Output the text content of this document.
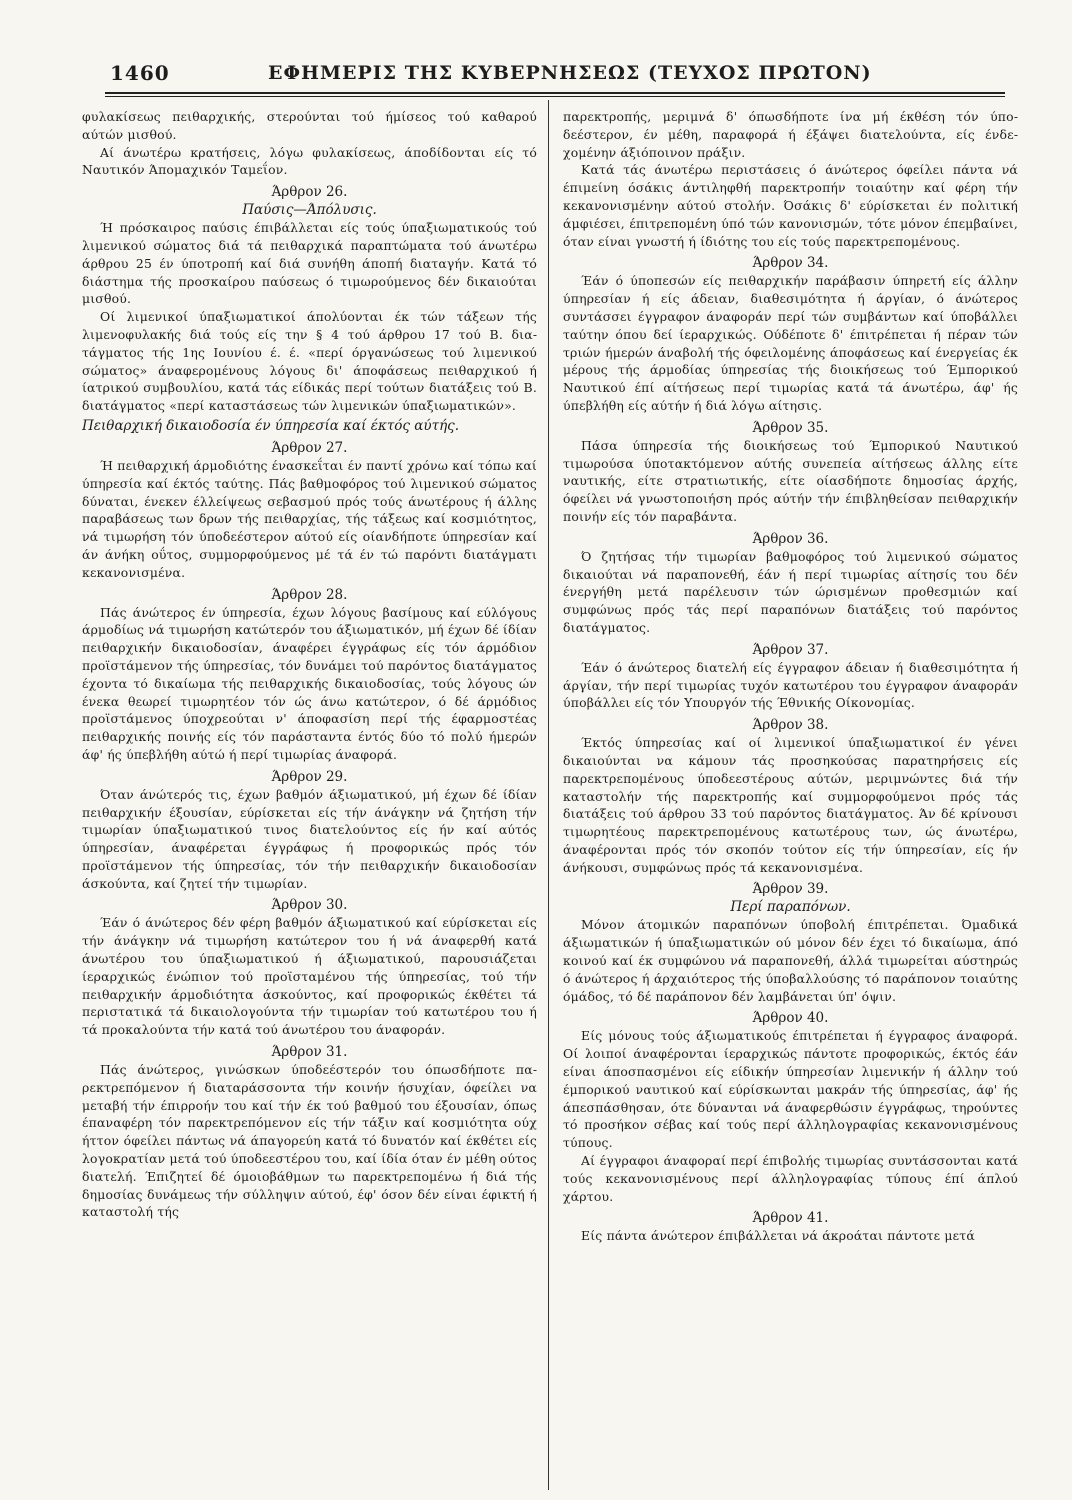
1460	ΕΦΗΜΕΡΙΣ ΤΗΣ ΚΥΒΕΡΝΗΣΕΩΣ (ΤΕΥΧΟΣ ΠΡΩΤΟΝ)

φυλακίσεως πειθαρχικής, στερούνται τού ήμίσεος τού καθαρού αύτών μισθού.

Αί άνωτέρω κρατήσεις, λόγω φυλακίσεως, άποδίδονται είς τό Ναυτικόν Άπομαχικόν Ταμεΐον.

Άρθρον 26.
Παύσις—Άπόλυσις.

Ή πρόσκαιρος παύσις έπιβάλλεται είς τούς ύπαξιωματικούς τού λιμενικού σώματος διά τά πειθαρχικά παραπτώματα τού άνωτέρω άρθρου 25 έν ύποτροπή καί διά συνήθη άποπή διαταγήν. Κατά τό διάστημα τής προσκαίρου παύσεως ό τιμωρούμενος δέν δικαιούται μισθού.

Οί λιμενικοί ύπαξιωματικοί άπολύονται έκ τών τάξεων τής λιμενοφυλακής διά τούς είς την § 4 τού άρθρου 17 τού Β. διατάγματος τής 1ης Ιουνίου έ. έ. «περί όργανώσεως τού λιμενικού σώματος» άναφερομένους λόγους δι' άποφάσεως πειθαρχικού ή ίατρικού συμβουλίου, κατά τάς είδικάς περί τούτων διατάξεις τού Β. διατάγματος «περί καταστάσεως τών λιμενικών ύπαξιωματικών».

Πειθαρχική δικαιοδοσία έν ύπηρεσία καί έκτός αύτής.
Άρθρον 27.

Ή πειθαρχική άρμοδιότης ένασκεΐται έν παντί χρόνω καί τόπω καί ύπηρεσία καί έκτός ταύτης. Πάς βαθμοφόρος τού λιμενικού σώματος δύναται, ένεκεν έλλείψεως σεβασμού πρός τούς άνωτέρους ή άλλης παραβάσεως των δρων τής πειθαρχίας, τής τάξεως καί κοσμιότητος, νά τιμωρήση τόν ύποδεέστερον αύτού είς οίανδήποτε ύπηρεσίαν καί άν άνήκη οΰτος, συμμορφούμενος μέ τά έν τώ παρόντι διατάγματι κεκανονισμένα.

Άρθρον 28.

Πάς άνώτερος έν ύπηρεσία, έχων λόγους βασίμους καί εύλόγους άρμοδίως νά τιμωρήση κατώτερόν του άξιωματικόν, μή έχων δέ ίδίαν πειθαρχικήν δικαιοδοσίαν, άναφέρει έγγράφως είς τόν άρμόδιον προϊστάμενον τής ύπηρεσίας, τόν δυνάμει τού παρόντος διατάγματος έχοντα τό δικαίωμα τής πειθαρχικής δικαιοδοσίας, τούς λόγους ών ένεκα θεωρεί τιμωρητέον τόν ώς άνω κατώτερον, ό δέ άρμόδιος προϊστάμενος ύποχρεούται ν' άποφασίση περί τής έφαρμοστέας πειθαρχικής ποινής είς τόν παράσταντα έντός δύο τό πολύ ήμερών άφ' ής ύπεβλήθη αύτώ ή περί τιμωρίας άναφορά.

Άρθρον 29.

Όταν άνώτερός τις, έχων βαθμόν άξιωματικού, μή έχων δέ ίδίαν πειθαρχικήν έξουσίαν, εύρίσκεται είς τήν άνάγκην νά ζητήση τήν τιμωρίαν ύπαξιωματικού τινος διατελούντος είς ήν καί αύτός ύπηρεσίαν, άναφέρεται έγγράφως ή προφορικώς πρός τόν προϊστάμενον τής ύπηρεσίας, τόν τήν πειθαρχικήν δικαιοδοσίαν άσκούντα, καί ζητεί τήν τιμωρίαν.

Άρθρον 30.

Έάν ό άνώτερος δέν φέρη βαθμόν άξιωματικού καί εύρίσκεται είς τήν άνάγκην νά τιμωρήση κατώτερον του ή νά άναφερθή κατά άνωτέρου του ύπαξιωματικού ή άξιωματικού, παρουσιάζεται ίεραρχικώς ένώπιον τού προϊσταμένου τής ύπηρεσίας, τού τήν πειθαρχικήν άρμοδιότητα άσκούντος, καί προφορικώς έκθέτει τά περιστατικά τά δικαιολογούντα τήν τιμωρίαν τού κατωτέρου του ή τά προκαλούντα τήν κατά τού άνωτέρου του άναφοράν.

Άρθρον 31.

Πάς άνώτερος, γινώσκων ύποδεέστερόν του όπωσδήποτε παρεκτρεπόμενον ή διαταράσσοντα τήν κοινήν ήσυχίαν, όφείλει να μεταβή τήν έπιρροήν του καί τήν έκ τού βαθμού του έξουσίαν, όπως έπαναφέρη τόν παρεκτρεπόμενον είς τήν τάξιν καί κοσμιότητα ούχ ήττον όφείλει πάντως νά άπαγορεύη κατά τό δυνατόν καί έκθέτει είς λογοκρατίαν μετά τού ύποδεεστέρου του, καί ίδία όταν έν μέθη ούτος διατελή. Έπιζητεί δέ όμοιοβάθμων τω παρεκτρεπομένω ή διά τής δημοσίας δυνάμεως τήν σύλληψιν αύτού, έφ' όσον δέν είναι έφικτή ή καταστολή τής

παρεκτροπής, μεριμνά δ' όπωσδήποτε ίνα μή έκθέση τόν ύποδεέστερον, έν μέθη, παραφορά ή έξάψει διατελούντα, είς ένδεχομένην άξιόποινον πράξιν.

Κατά τάς άνωτέρω περιστάσεις ό άνώτερος όφείλει πάντα νά έπιμείνη όσάκις άντιληφθή παρεκτροπήν τοιαύτην καί φέρη τήν κεκανονισμένην αύτού στολήν. Όσάκις δ' εύρίσκεται έν πολιτική άμφιέσει, έπιτρεπομένη ύπό τών κανονισμών, τότε μόνον έπεμβαίνει, όταν είναι γνωστή ή ίδιότης του είς τούς παρεκτρεπομένους.

Άρθρον 34.

Έάν ό ύποπεσών είς πειθαρχικήν παράβασιν ύπηρετή είς άλλην ύπηρεσίαν ή είς άδειαν, διαθεσιμότητα ή άργίαν, ό άνώτερος συντάσσει έγγραφον άναφοράν περί τών συμβάντων καί ύποβάλλει ταύτην όπου δεί ίεραρχικώς. Ούδέποτε δ' έπιτρέπεται ή πέραν τών τριών ήμερών άναβολή τής όφειλομένης άποφάσεως καί ένεργείας έκ μέρους τής άρμοδίας ύπηρεσίας τής διοικήσεως τού Έμπορικού Ναυτικού έπί αίτήσεως περί τιμωρίας κατά τά άνωτέρω, άφ' ής ύπεβλήθη είς αύτήν ή διά λόγω αίτησις.

Άρθρον 35.

Πάσα ύπηρεσία τής διοικήσεως τού Έμπορικού Ναυτικού τιμωρούσα ύποτακτόμενον αύτής συνεπεία αίτήσεως άλλης είτε ναυτικής, είτε στρατιωτικής, είτε οίασδήποτε δημοσίας άρχής, όφείλει νά γνωστοποιήση πρός αύτήν τήν έπιβληθείσαν πειθαρχικήν ποινήν είς τόν παραβάντα.

Άρθρον 36.

Ό ζητήσας τήν τιμωρίαν βαθμοφόρος τού λιμενικού σώματος δικαιούται νά παραπονεθή, έάν ή περί τιμωρίας αίτησίς του δέν ένεργήθη μετά παρέλευσιν τών ώρισμένων προθεσμιών καί συμφώνως πρός τάς περί παραπόνων διατάξεις τού παρόντος διατάγματος.

Άρθρον 37.

Έάν ό άνώτερος διατελή είς έγγραφον άδειαν ή διαθεσιμότητα ή άργίαν, τήν περί τιμωρίας τυχόν κατωτέρου του έγγραφον άναφοράν ύποβάλλει είς τόν Υπουργόν τής Έθνικής Οίκονομίας.

Άρθρον 38.

Έκτός ύπηρεσίας καί οί λιμενικοί ύπαξιωματικοί έν γένει δικαιούνται να κάμουν τάς προσηκούσας παρατηρήσεις είς παρεκτρεπομένους ύποδεεστέρους αύτών, μεριμνώντες διά τήν καταστολήν τής παρεκτροπής καί συμμορφούμενοι πρός τάς διατάξεις τού άρθρου 33 τού παρόντος διατάγματος. Άν δέ κρίνουσι τιμωρητέους παρεκτρεπομένους κατωτέρους των, ώς άνωτέρω, άναφέρονται πρός τόν σκοπόν τούτον είς τήν ύπηρεσίαν, είς ήν άνήκουσι, συμφώνως πρός τά κεκανονισμένα.

Άρθρον 39.
Περί παραπόνων.

Μόνον άτομικών παραπόνων ύποβολή έπιτρέπεται. Όμαδικά άξιωματικών ή ύπαξιωματικών ού μόνον δέν έχει τό δικαίωμα, άπό κοινού καί έκ συμφώνου νά παραπονεθή, άλλά τιμωρείται αύστηρώς ό άνώτερος ή άρχαιότερος τής ύποβαλλούσης τό παράπονον τοιαύτης όμάδος, τό δέ παράπονον δέν λαμβάνεται ύπ' όψιν.

Άρθρον 40.

Είς μόνους τούς άξιωματικούς έπιτρέπεται ή έγγραφος άναφορά. Οί λοιποί άναφέρονται ίεραρχικώς πάντοτε προφορικώς, έκτός έάν είναι άποσπασμένοι είς είδικήν ύπηρεσίαν λιμενικήν ή άλλην τού έμπορικού ναυτικού καί εύρίσκωνται μακράν τής ύπηρεσίας, άφ' ής άπεσπάσθησαν, ότε δύνανται νά άναφερθώσιν έγγράφως, τηρούντες τό προσήκον σέβας καί τούς περί άλληλογραφίας κεκανονισμένους τύπους.

Αί έγγραφοι άναφοραί περί έπιβολής τιμωρίας συντάσσονται κατά τούς κεκανονισμένους περί άλληλογραφίας τύπους έπί άπλού χάρτου.

Άρθρον 41.

Είς πάντα άνώτερον έπιβάλλεται νά άκροάται πάντοτε μετά
